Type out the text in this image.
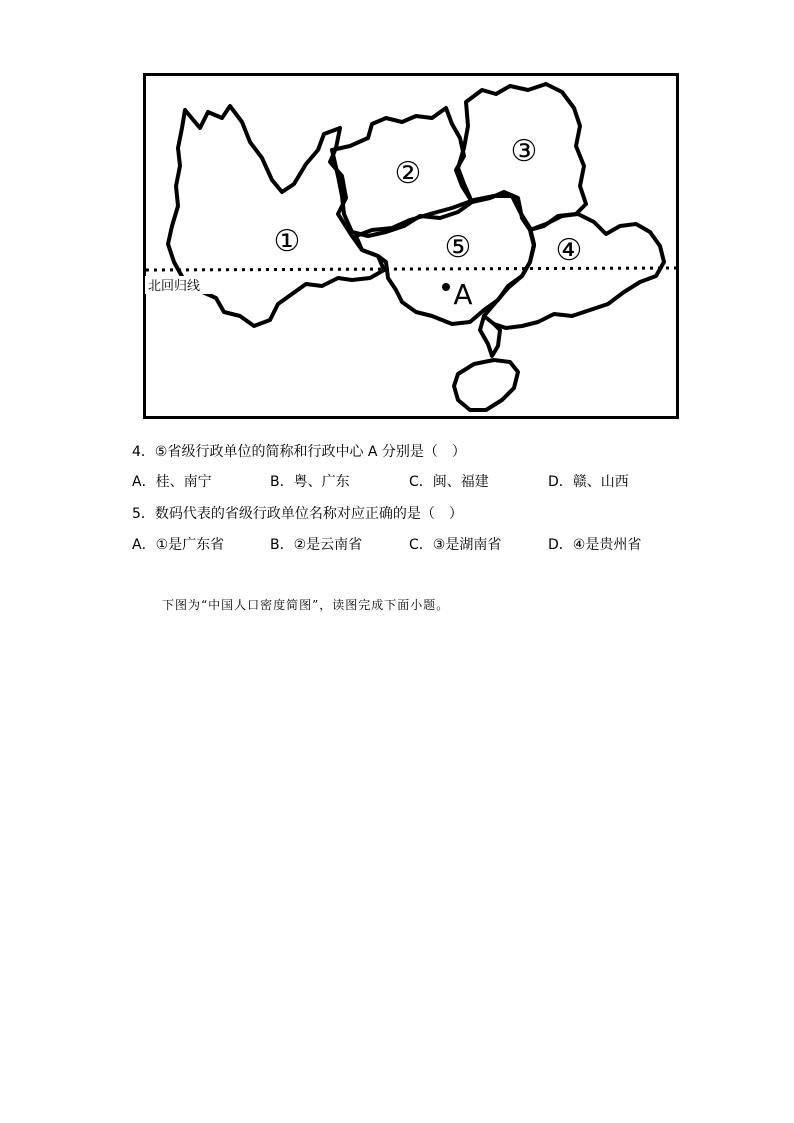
①
②
③
④
⑤
A
北回归线
4．⑤省级行政单位的简称和行政中心 A 分别是（　）
A．桂、南宁	B．粤、广东	C．闽、福建	D．赣、山西
5．数码代表的省级行政单位名称对应正确的是（　）
A．①是广东省	B．②是云南省	C．③是湖南省	D．④是贵州省
下图为“中国人口密度简图”，读图完成下面小题。
